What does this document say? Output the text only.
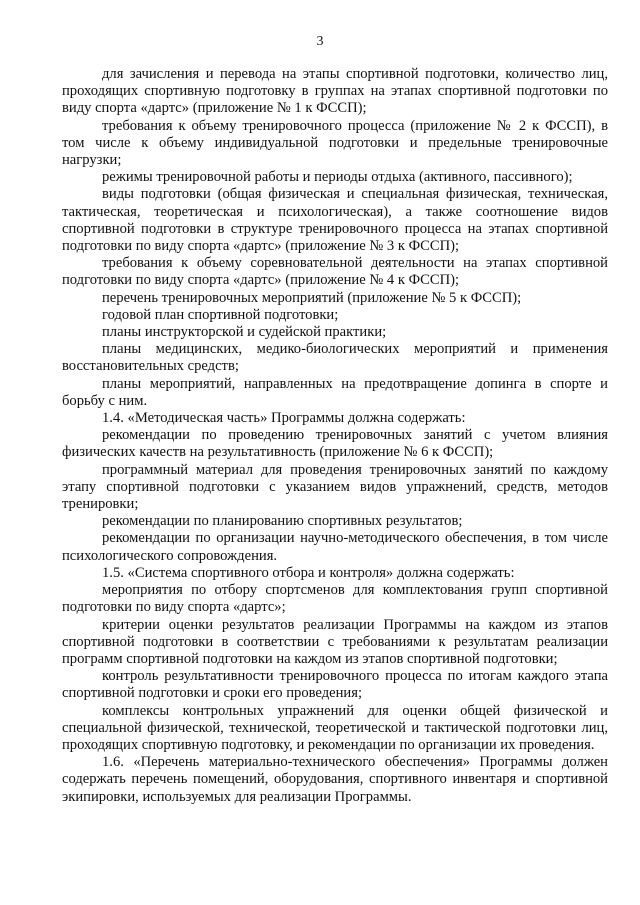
3

для зачисления и перевода на этапы спортивной подготовки, количество лиц, проходящих спортивную подготовку в группах на этапах спортивной подготовки по виду спорта «дартс» (приложение № 1 к ФССП);

требования к объему тренировочного процесса (приложение № 2 к ФССП), в том числе к объему индивидуальной подготовки и предельные тренировочные нагрузки;

режимы тренировочной работы и периоды отдыха (активного, пассивного);

виды подготовки (общая физическая и специальная физическая, техническая, тактическая, теоретическая и психологическая), а также соотношение видов спортивной подготовки в структуре тренировочного процесса на этапах спортивной подготовки по виду спорта «дартс» (приложение № 3 к ФССП);

требования к объему соревновательной деятельности на этапах спортивной подготовки по виду спорта «дартс» (приложение № 4 к ФССП);

перечень тренировочных мероприятий (приложение № 5 к ФССП);

годовой план спортивной подготовки;

планы инструкторской и судейской практики;

планы медицинских, медико-биологических мероприятий и применения восстановительных средств;

планы мероприятий, направленных на предотвращение допинга в спорте и борьбу с ним.

1.4. «Методическая часть» Программы должна содержать:

рекомендации по проведению тренировочных занятий с учетом влияния физических качеств на результативность (приложение № 6 к ФССП);

программный материал для проведения тренировочных занятий по каждому этапу спортивной подготовки с указанием видов упражнений, средств, методов тренировки;

рекомендации по планированию спортивных результатов;

рекомендации по организации научно-методического обеспечения, в том числе психологического сопровождения.

1.5. «Система спортивного отбора и контроля» должна содержать:

мероприятия по отбору спортсменов для комплектования групп спортивной подготовки по виду спорта «дартс»;

критерии оценки результатов реализации Программы на каждом из этапов спортивной подготовки в соответствии с требованиями к результатам реализации программ спортивной подготовки на каждом из этапов спортивной подготовки;

контроль результативности тренировочного процесса по итогам каждого этапа спортивной подготовки и сроки его проведения;

комплексы контрольных упражнений для оценки общей физической и специальной физической, технической, теоретической и тактической подготовки лиц, проходящих спортивную подготовку, и рекомендации по организации их проведения.

1.6. «Перечень материально-технического обеспечения» Программы должен содержать перечень помещений, оборудования, спортивного инвентаря и спортивной экипировки, используемых для реализации Программы.
